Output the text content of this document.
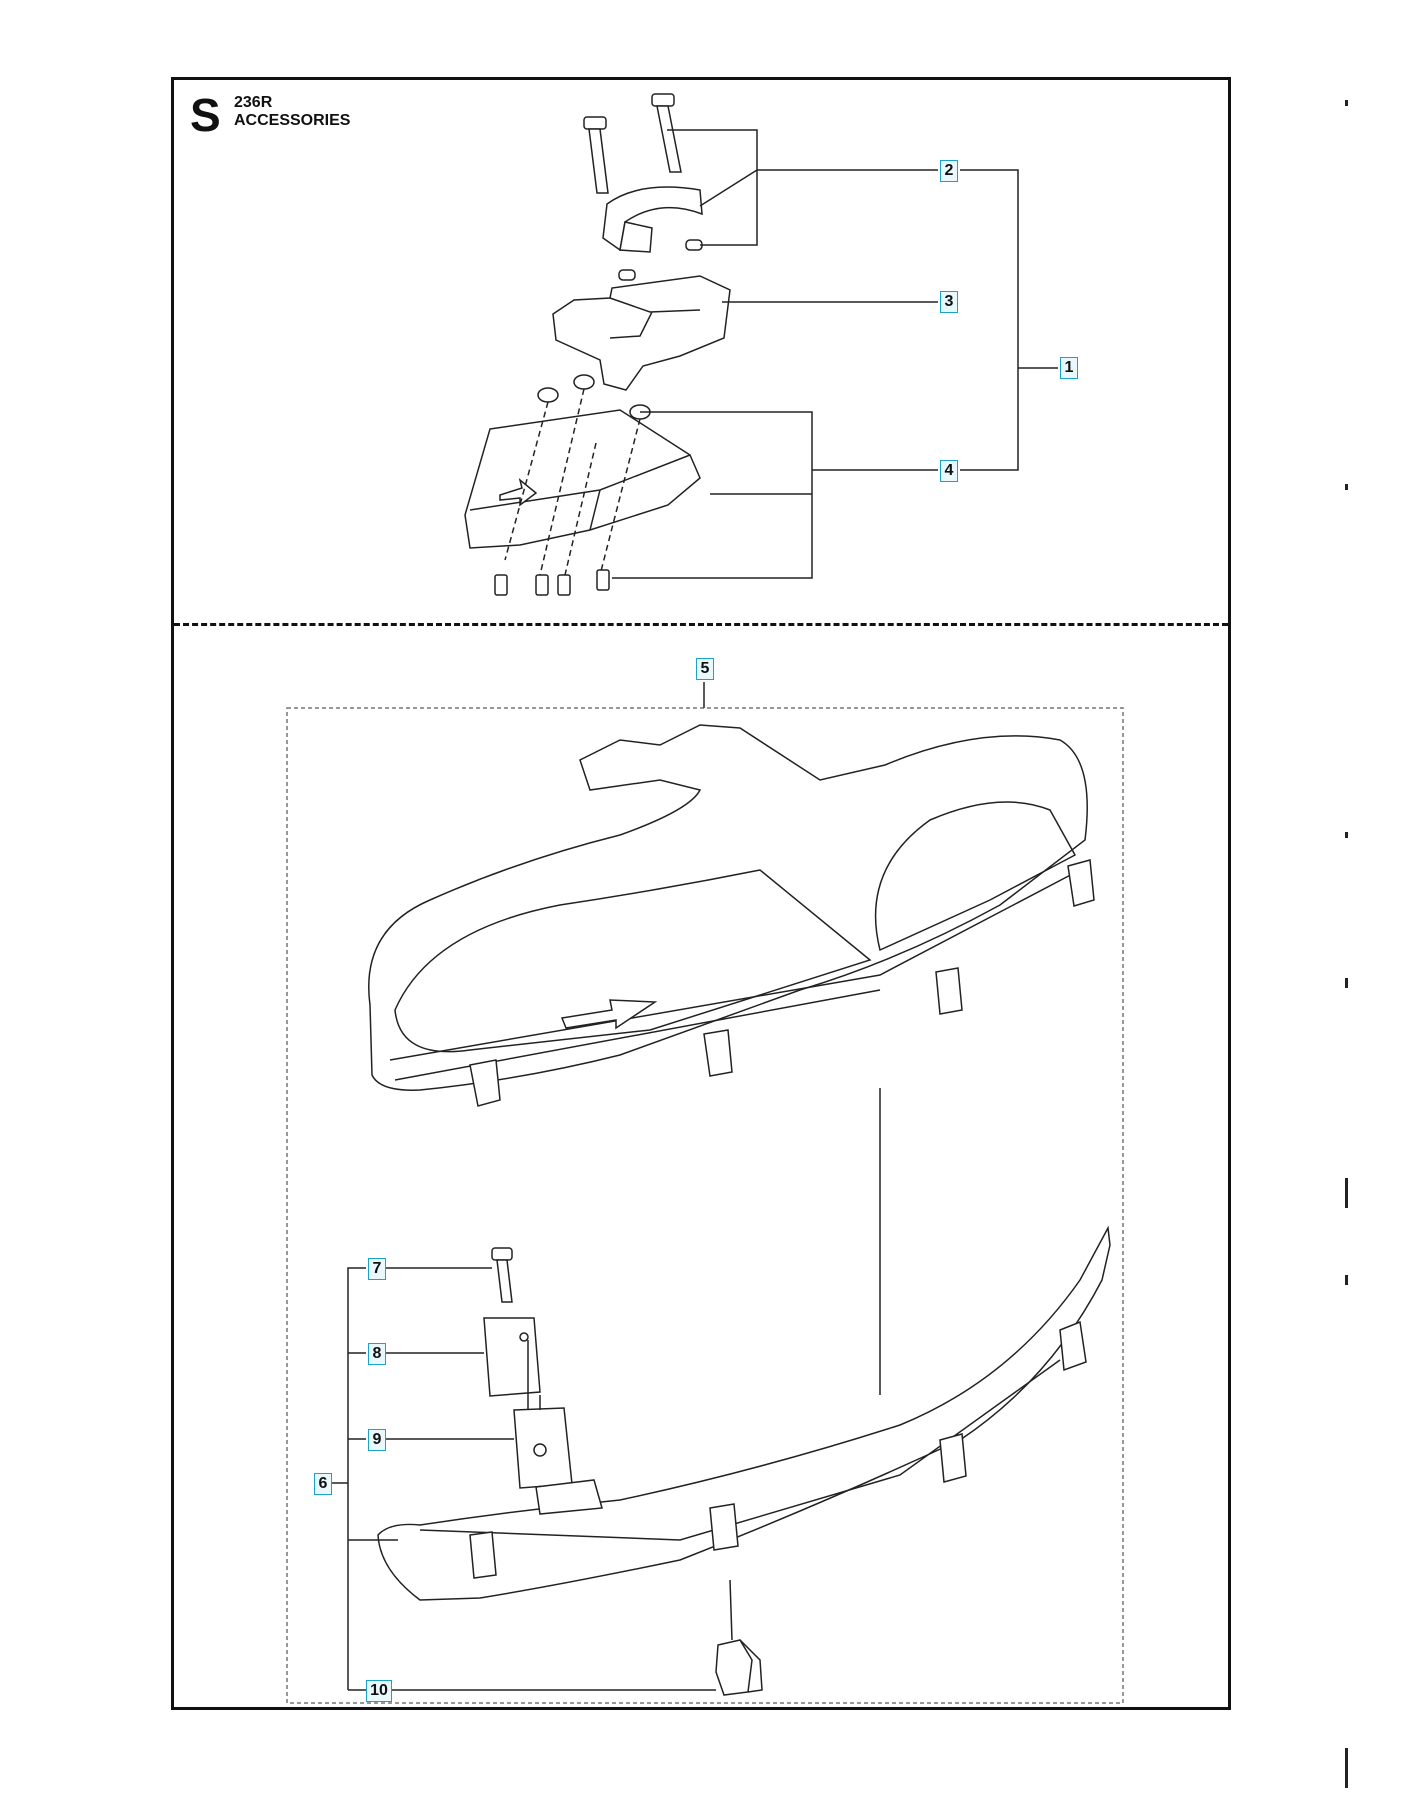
S 236R
ACCESSORIES
1
2
3
4
5
6
7
8
9
10
